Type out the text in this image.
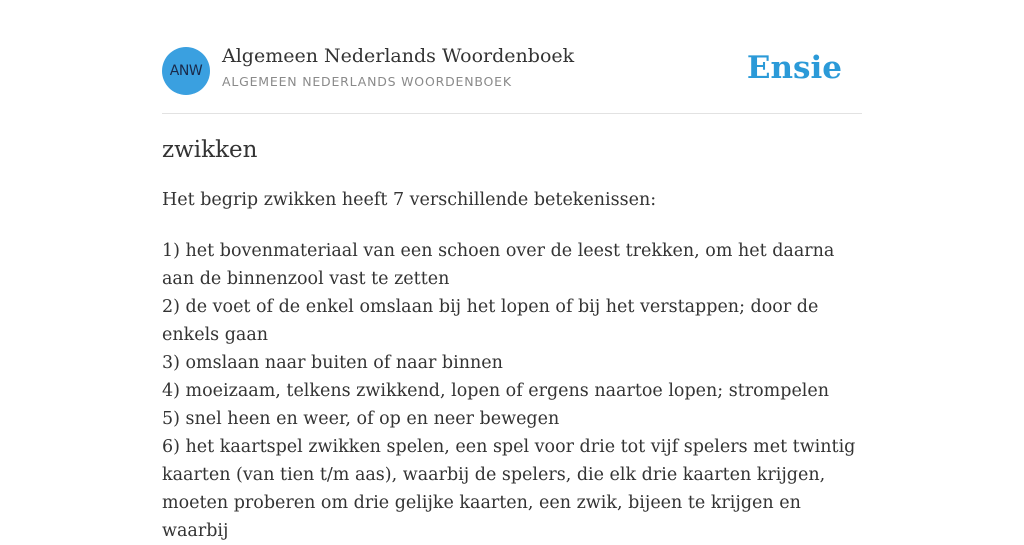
ANW
Algemeen Nederlands Woordenboek
ALGEMEEN NEDERLANDS WOORDENBOEK	Ensie
zwikken
Het begrip zwikken heeft 7 verschillende betekenissen:
1) het bovenmateriaal van een schoen over de leest trekken, om het daarna aan de binnenzool vast te zetten
2) de voet of de enkel omslaan bij het lopen of bij het verstappen; door de enkels gaan
3) omslaan naar buiten of naar binnen
4) moeizaam, telkens zwikkend, lopen of ergens naartoe lopen; strompelen
5) snel heen en weer, of op en neer bewegen
6) het kaartspel zwikken spelen, een spel voor drie tot vijf spelers met twintig kaarten (van tien t/m aas), waarbij de spelers, die elk drie kaarten krijgen, moeten proberen om drie gelijke kaarten, een zwik, bijeen te krijgen en waarbij
